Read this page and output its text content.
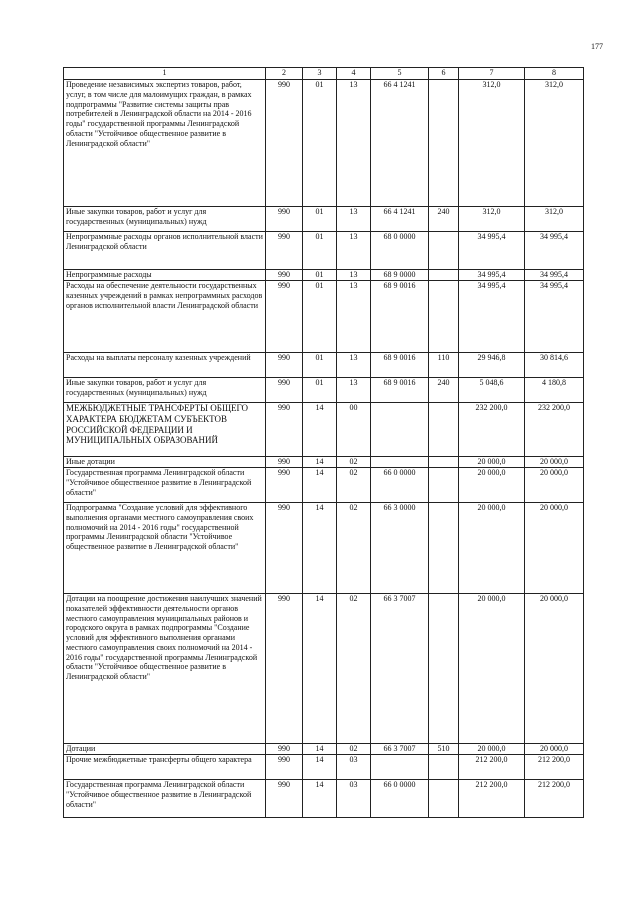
177
1	2	3	4	5	6	7	8
Проведение независимых экспертиз товаров, работ, услуг, в том числе для малоимущих граждан, в рамках подпрограммы "Развитие системы защиты прав потребителей в Ленинградской области на 2014 - 2016 годы" государственной программы Ленинградской области "Устойчивое общественное развитие в Ленинградской области"	990	01	13	66 4 1241		312,0	312,0
Иные закупки товаров, работ и услуг для государственных (муниципальных) нужд	990	01	13	66 4 1241	240	312,0	312,0
Непрограммные расходы органов исполнительной власти Ленинградской области	990	01	13	68 0 0000		34 995,4	34 995,4
Непрограммные расходы	990	01	13	68 9 0000		34 995,4	34 995,4
Расходы на обеспечение деятельности государственных казенных учреждений в рамках непрограммных расходов органов исполнительной власти Ленинградской области	990	01	13	68 9 0016		34 995,4	34 995,4
Расходы на выплаты персоналу казенных учреждений	990	01	13	68 9 0016	110	29 946,8	30 814,6
Иные закупки товаров, работ и услуг для государственных (муниципальных) нужд	990	01	13	68 9 0016	240	5 048,6	4 180,8
МЕЖБЮДЖЕТНЫЕ ТРАНСФЕРТЫ ОБЩЕГО ХАРАКТЕРА БЮДЖЕТАМ СУБЪЕКТОВ РОССИЙСКОЙ ФЕДЕРАЦИИ И МУНИЦИПАЛЬНЫХ ОБРАЗОВАНИЙ	990	14	00			232 200,0	232 200,0
Иные дотации	990	14	02			20 000,0	20 000,0
Государственная программа Ленинградской области "Устойчивое общественное развитие в Ленинградской области"	990	14	02	66 0 0000		20 000,0	20 000,0
Подпрограмма "Создание условий для эффективного выполнения органами местного самоуправления своих полномочий на 2014 - 2016 годы" государственной программы Ленинградской области "Устойчивое общественное развитие в Ленинградской области"	990	14	02	66 3 0000		20 000,0	20 000,0
Дотации на поощрение достижения наилучших значений показателей эффективности деятельности органов местного самоуправления муниципальных районов и городского округа в рамках подпрограммы "Создание условий для эффективного выполнения органами местного самоуправления своих полномочий на 2014 - 2016 годы" государственной программы Ленинградской области "Устойчивое общественное развитие в Ленинградской области"	990	14	02	66 3 7007		20 000,0	20 000,0
Дотации	990	14	02	66 3 7007	510	20 000,0	20 000,0
Прочие межбюджетные трансферты общего характера	990	14	03			212 200,0	212 200,0
Государственная программа Ленинградской области "Устойчивое общественное развитие в Ленинградской области"	990	14	03	66 0 0000		212 200,0	212 200,0
